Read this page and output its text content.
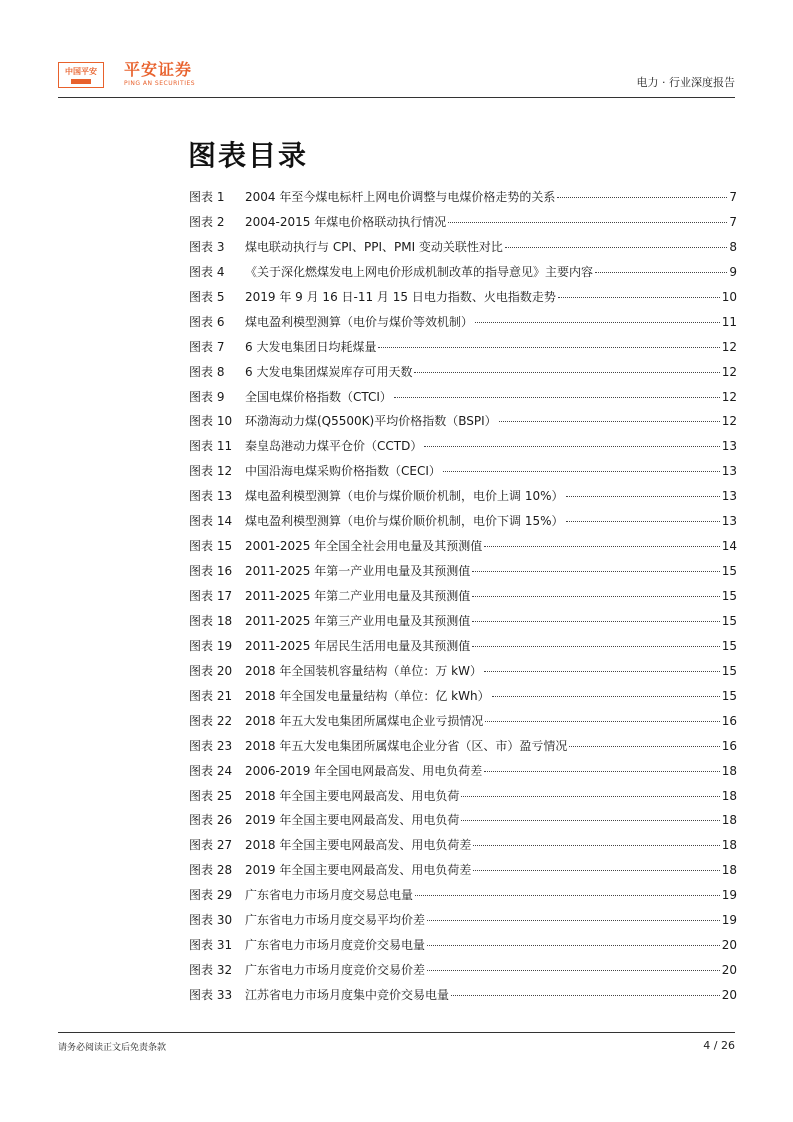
中国平安 平安证券
PING AN SECURITIES	电力 · 行业深度报告
图表目录
图表 1	2004 年至今煤电标杆上网电价调整与电煤价格走势的关系	7
图表 2	2004-2015 年煤电价格联动执行情况	7
图表 3	煤电联动执行与 CPI、PPI、PMI 变动关联性对比	8
图表 4	《关于深化燃煤发电上网电价形成机制改革的指导意见》主要内容	9
图表 5	2019 年 9 月 16 日-11 月 15 日电力指数、火电指数走势	10
图表 6	煤电盈利模型测算（电价与煤价等效机制）	11
图表 7	6 大发电集团日均耗煤量	12
图表 8	6 大发电集团煤炭库存可用天数	12
图表 9	全国电煤价格指数（CTCI）	12
图表 10	环渤海动力煤(Q5500K)平均价格指数（BSPI）	12
图表 11	秦皇岛港动力煤平仓价（CCTD）	13
图表 12	中国沿海电煤采购价格指数（CECI）	13
图表 13	煤电盈利模型测算（电价与煤价顺价机制，电价上调 10%）	13
图表 14	煤电盈利模型测算（电价与煤价顺价机制，电价下调 15%）	13
图表 15	2001-2025 年全国全社会用电量及其预测值	14
图表 16	2011-2025 年第一产业用电量及其预测值	15
图表 17	2011-2025 年第二产业用电量及其预测值	15
图表 18	2011-2025 年第三产业用电量及其预测值	15
图表 19	2011-2025 年居民生活用电量及其预测值	15
图表 20	2018 年全国装机容量结构（单位：万 kW）	15
图表 21	2018 年全国发电量量结构（单位：亿 kWh）	15
图表 22	2018 年五大发电集团所属煤电企业亏损情况	16
图表 23	2018 年五大发电集团所属煤电企业分省（区、市）盈亏情况	16
图表 24	2006-2019 年全国电网最高发、用电负荷差	18
图表 25	2018 年全国主要电网最高发、用电负荷	18
图表 26	2019 年全国主要电网最高发、用电负荷	18
图表 27	2018 年全国主要电网最高发、用电负荷差	18
图表 28	2019 年全国主要电网最高发、用电负荷差	18
图表 29	广东省电力市场月度交易总电量	19
图表 30	广东省电力市场月度交易平均价差	19
图表 31	广东省电力市场月度竞价交易电量	20
图表 32	广东省电力市场月度竞价交易价差	20
图表 33	江苏省电力市场月度集中竞价交易电量	20
请务必阅读正文后免责条款	4 / 26
